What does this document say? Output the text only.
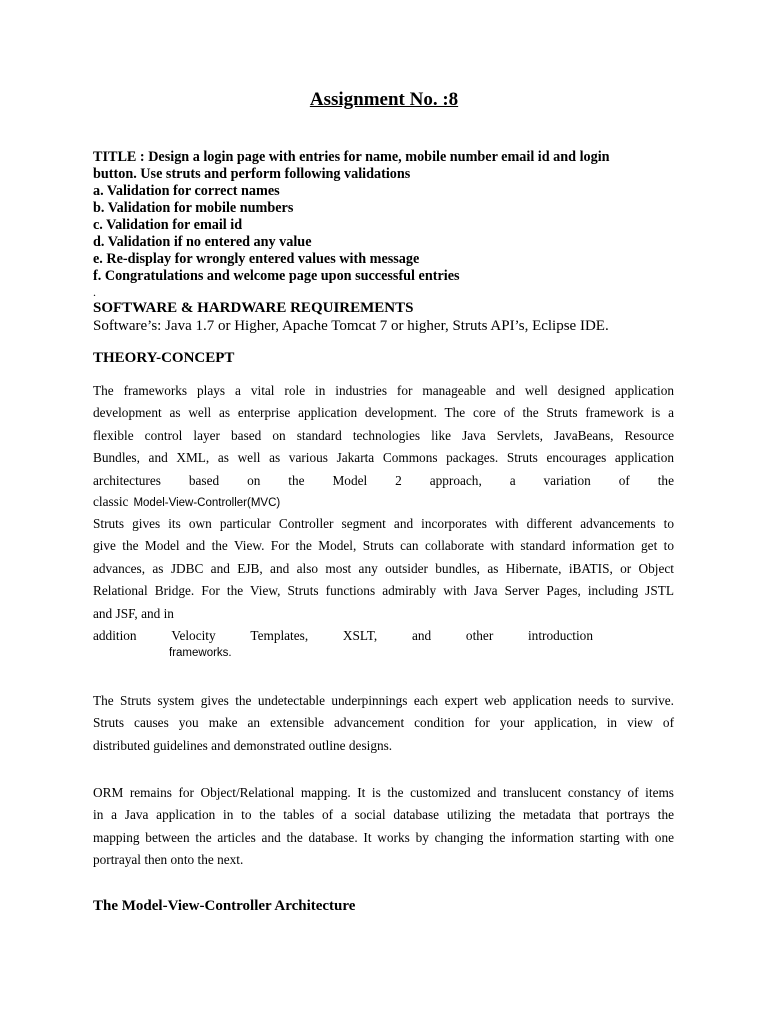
Assignment No. :8
TITLE : Design a login page with entries for name, mobile number email id and login
button. Use struts and perform following validations
a. Validation for correct names
b. Validation for mobile numbers
c. Validation for email id
d. Validation if no entered any value
e. Re-display for wrongly entered values with message
f. Congratulations and welcome page upon successful entries
.
SOFTWARE & HARDWARE REQUIREMENTS
Software’s: Java 1.7 or Higher, Apache Tomcat 7 or higher, Struts API’s, Eclipse IDE.
THEORY-CONCEPT
The frameworks plays a vital role in industries for manageable and well designed application
development as well as enterprise application development. The core of the Struts framework is a
flexible control layer based on standard technologies like Java Servlets, JavaBeans, Resource
Bundles, and XML, as well as various Jakarta Commons packages. Struts encourages application
architectures based on the Model 2 approach, a variation of the
classic Model-View-Controller(MVC)
Struts gives its own particular Controller segment and incorporates with different advancements to
give the Model and the View. For the Model, Struts can collaborate with standard information get to
advances, as JDBC and EJB, and also most any outsider bundles, as Hibernate, iBATIS, or Object
Relational Bridge. For the View, Struts functions admirably with Java Server Pages, including JSTL
and JSF, and in
addition	Velocity	Templates,	XSLT,	and	other	introduction
frameworks.
The Struts system gives the undetectable underpinnings each expert web application needs to survive.
Struts causes you make an extensible advancement condition for your application, in view of
distributed guidelines and demonstrated outline designs.
ORM remains for Object/Relational mapping. It is the customized and translucent constancy of items
in a Java application in to the tables of a social database utilizing the metadata that portrays the
mapping between the articles and the database. It works by changing the information starting with one
portrayal then onto the next.
The Model-View-Controller Architecture
